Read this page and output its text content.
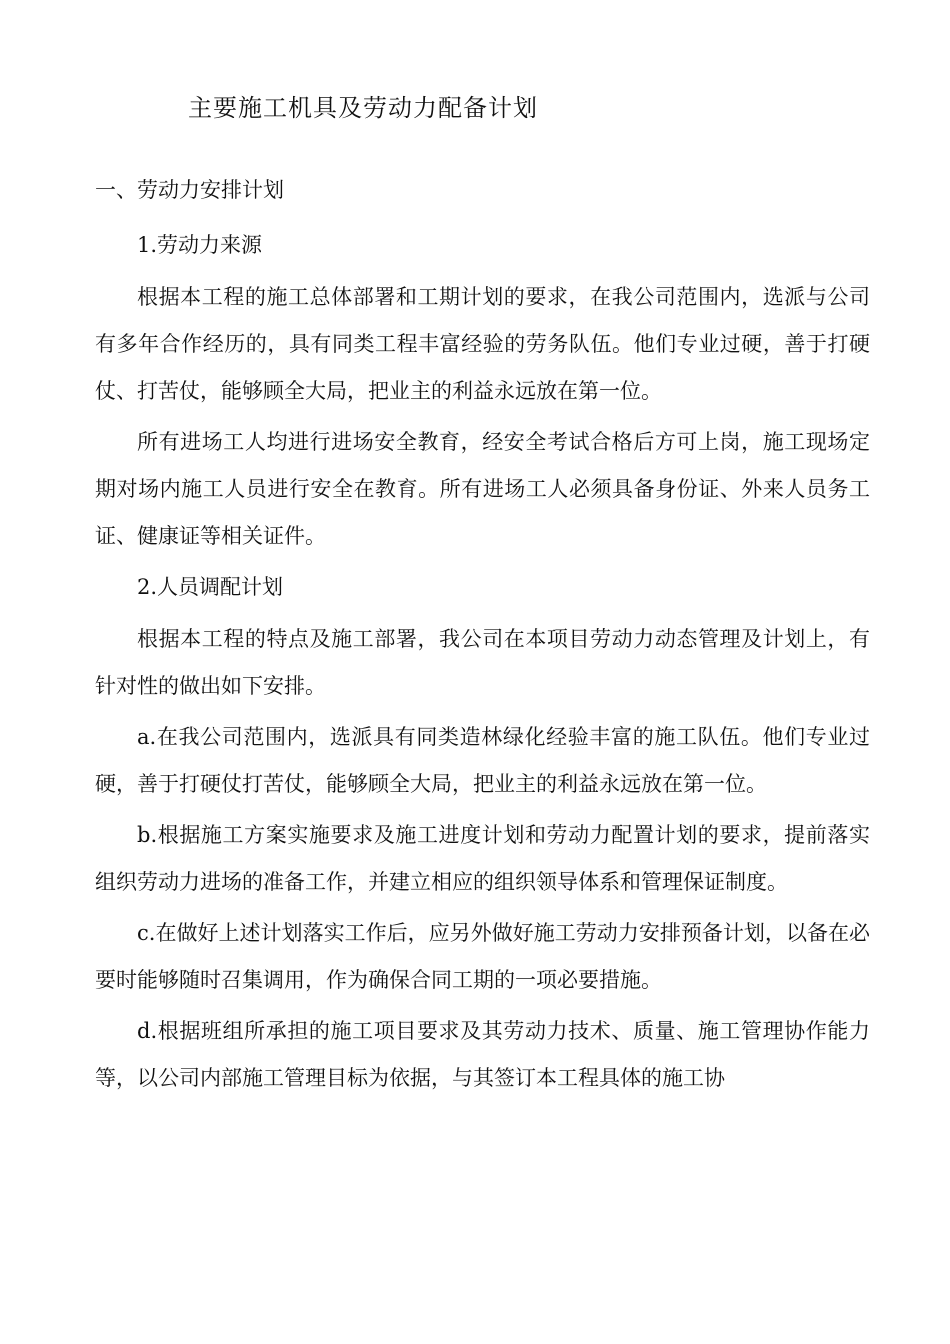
主要施工机具及劳动力配备计划
一、劳动力安排计划

1.劳动力来源

根据本工程的施工总体部署和工期计划的要求，在我公司范围内，选派与公司有多年合作经历的，具有同类工程丰富经验的劳务队伍。他们专业过硬，善于打硬仗、打苦仗，能够顾全大局，把业主的利益永远放在第一位。

所有进场工人均进行进场安全教育，经安全考试合格后方可上岗，施工现场定期对场内施工人员进行安全在教育。所有进场工人必须具备身份证、外来人员务工证、健康证等相关证件。

2.人员调配计划

根据本工程的特点及施工部署，我公司在本项目劳动力动态管理及计划上，有针对性的做出如下安排。

a.在我公司范围内，选派具有同类造林绿化经验丰富的施工队伍。他们专业过硬，善于打硬仗打苦仗，能够顾全大局，把业主的利益永远放在第一位。

b.根据施工方案实施要求及施工进度计划和劳动力配置计划的要求，提前落实组织劳动力进场的准备工作，并建立相应的组织领导体系和管理保证制度。

c.在做好上述计划落实工作后，应另外做好施工劳动力安排预备计划，以备在必要时能够随时召集调用，作为确保合同工期的一项必要措施。

d.根据班组所承担的施工项目要求及其劳动力技术、质量、施工管理协作能力等，以公司内部施工管理目标为依据，与其签订本工程具体的施工协
